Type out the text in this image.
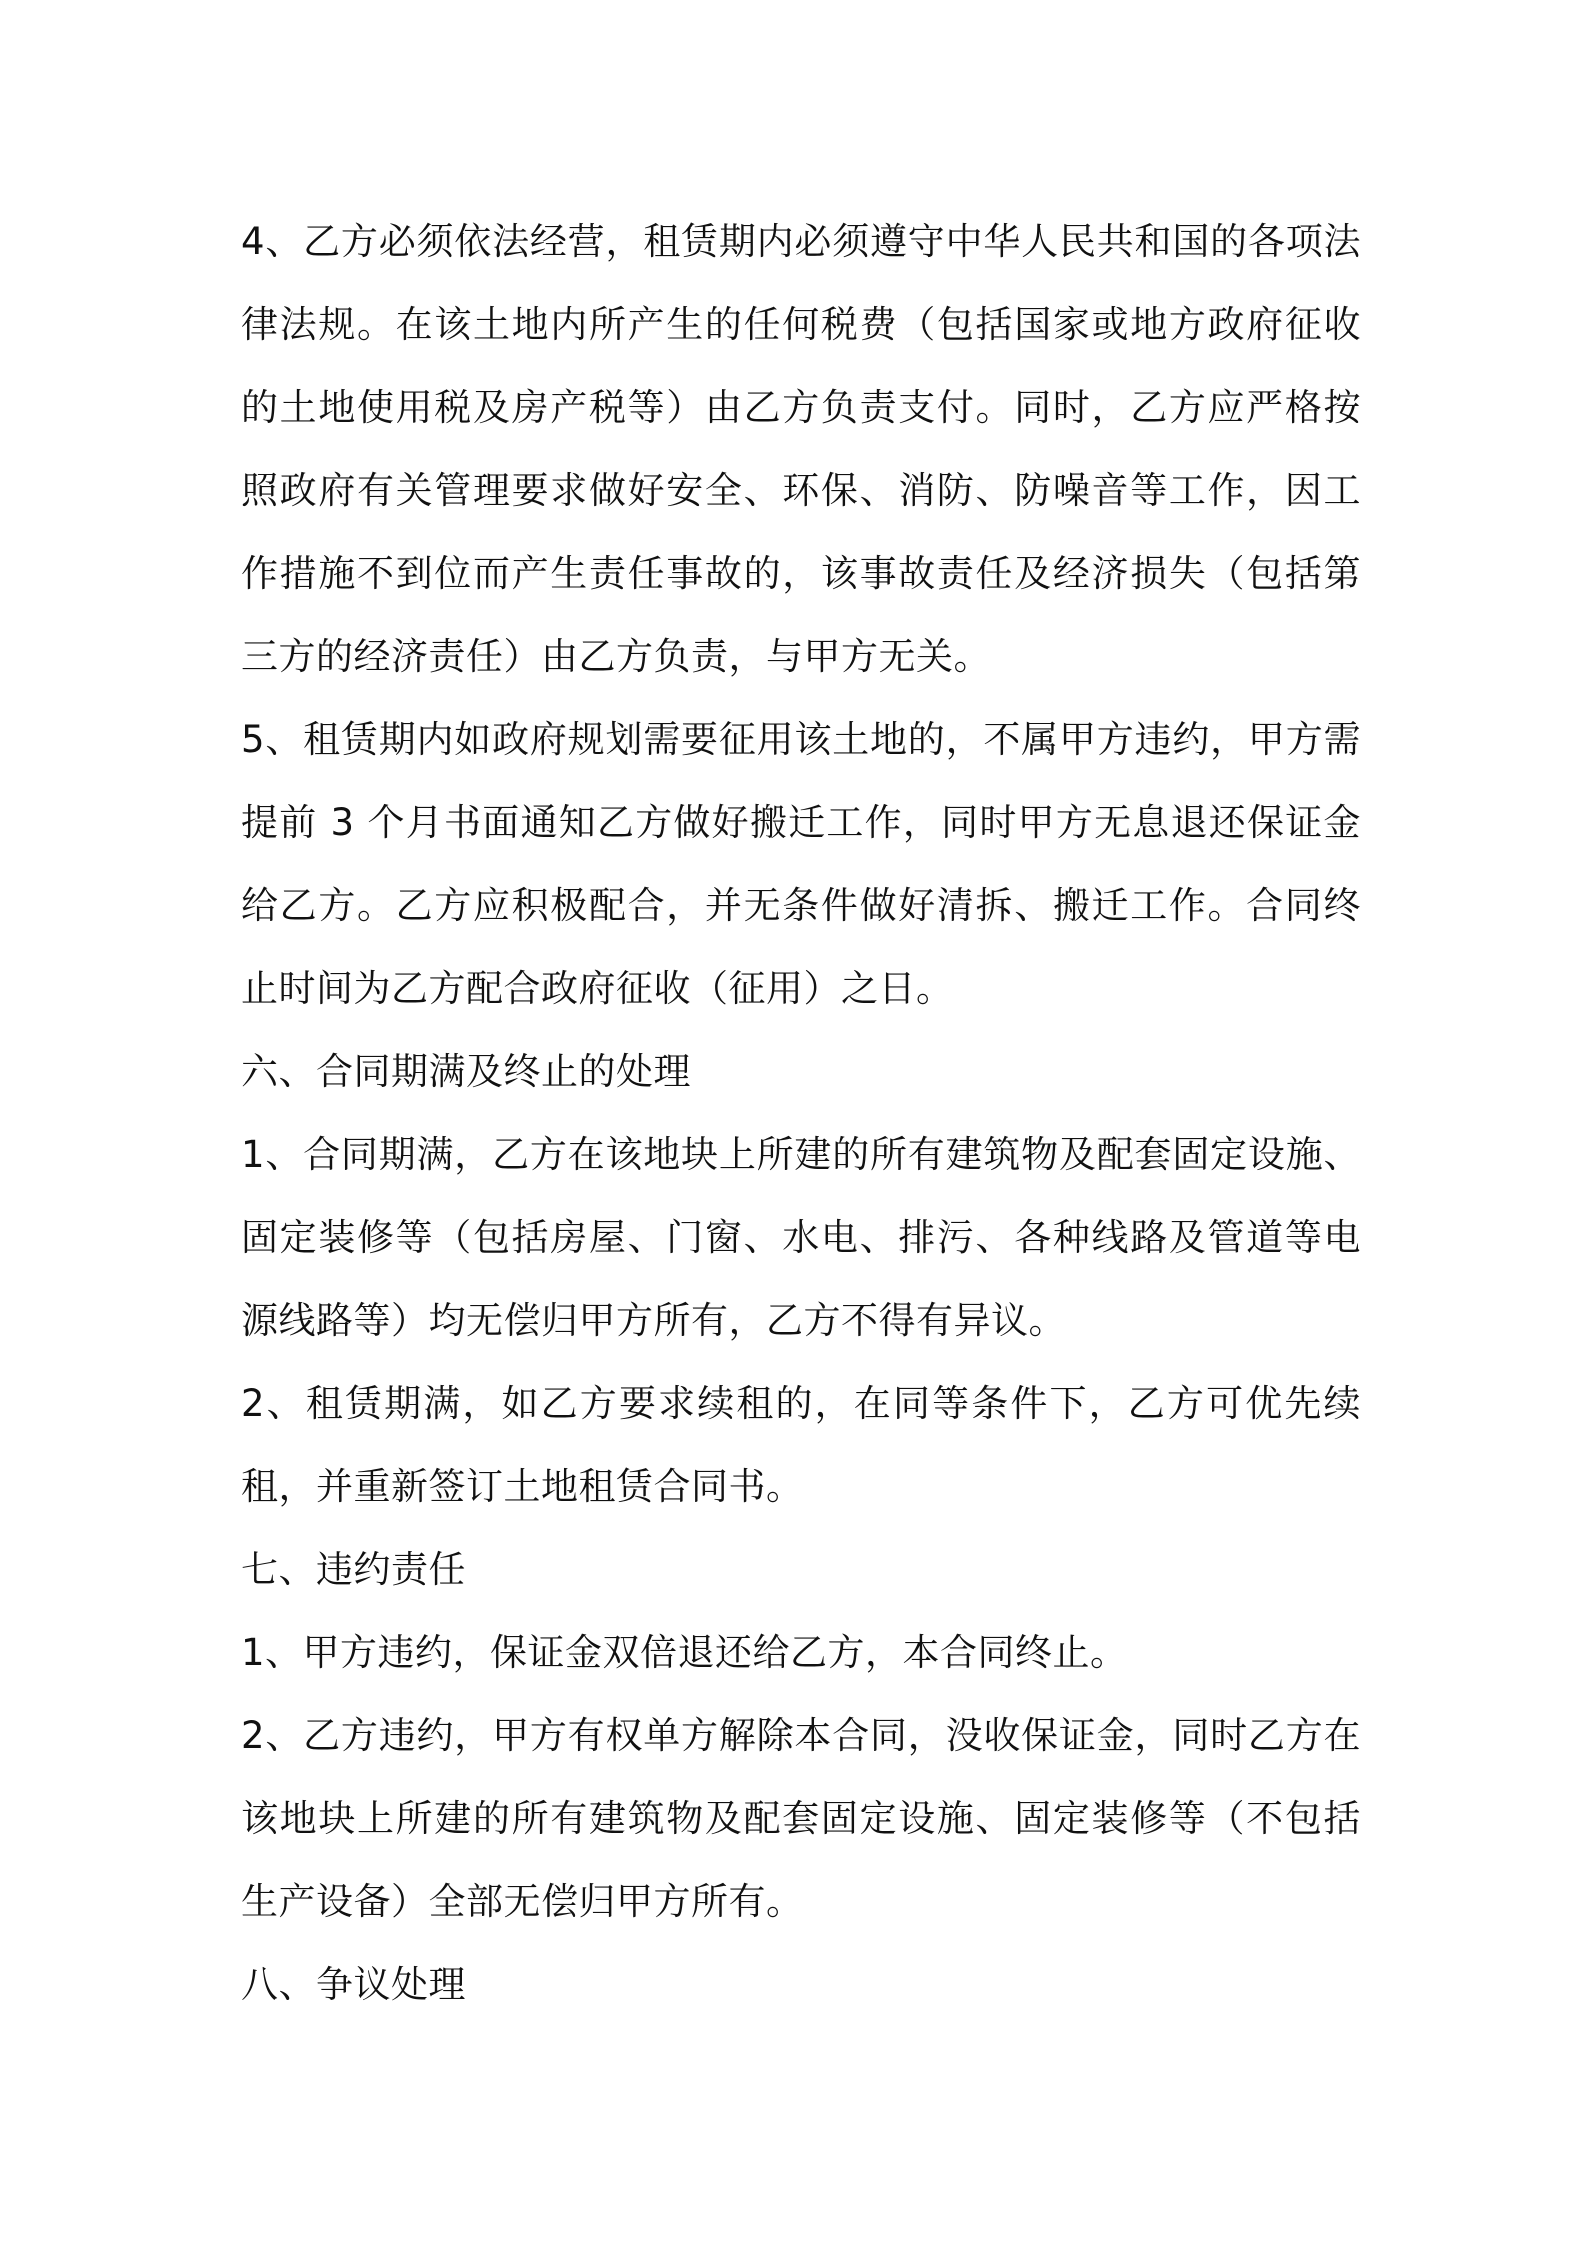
4、乙方必须依法经营，租赁期内必须遵守中华人民共和国的各项法律法规。在该土地内所产生的任何税费（包括国家或地方政府征收的土地使用税及房产税等）由乙方负责支付。同时，乙方应严格按照政府有关管理要求做好安全、环保、消防、防噪音等工作，因工作措施不到位而产生责任事故的，该事故责任及经济损失（包括第三方的经济责任）由乙方负责，与甲方无关。

5、租赁期内如政府规划需要征用该土地的，不属甲方违约，甲方需提前 3 个月书面通知乙方做好搬迁工作，同时甲方无息退还保证金给乙方。乙方应积极配合，并无条件做好清拆、搬迁工作。合同终止时间为乙方配合政府征收（征用）之日。

六、合同期满及终止的处理

1、合同期满，乙方在该地块上所建的所有建筑物及配套固定设施、固定装修等（包括房屋、门窗、水电、排污、各种线路及管道等电源线路等）均无偿归甲方所有，乙方不得有异议。

2、租赁期满，如乙方要求续租的，在同等条件下，乙方可优先续租，并重新签订土地租赁合同书。

七、违约责任

1、甲方违约，保证金双倍退还给乙方，本合同终止。

2、乙方违约，甲方有权单方解除本合同，没收保证金，同时乙方在该地块上所建的所有建筑物及配套固定设施、固定装修等（不包括生产设备）全部无偿归甲方所有。

八、争议处理
